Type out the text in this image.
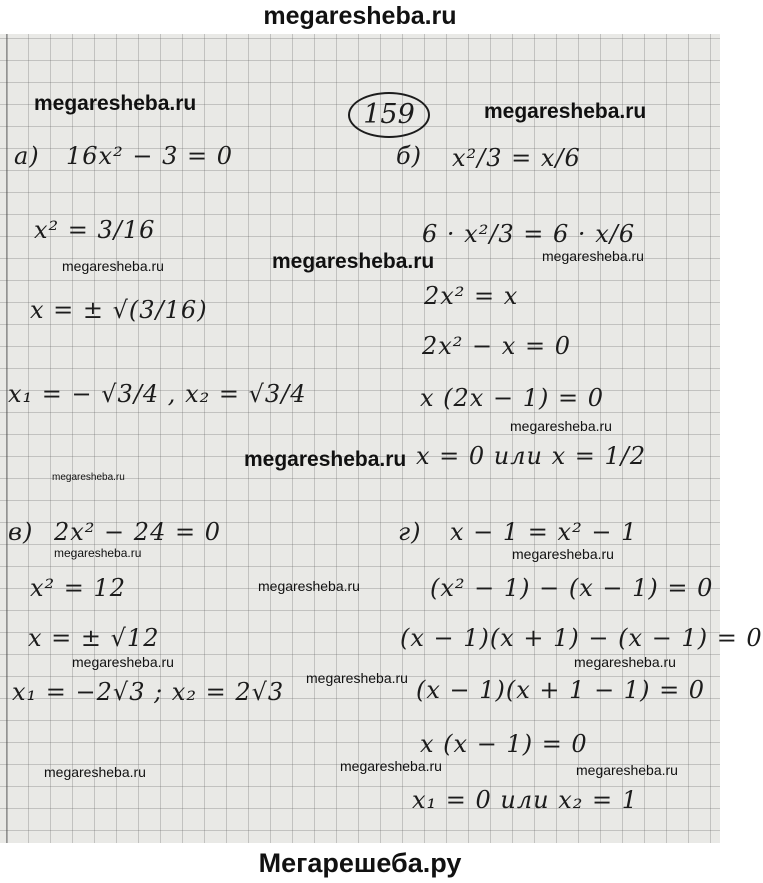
megaresheba.ru
159
а) 16x² − 3 = 0
x² = 3/16
x = ± √(3/16)
x₁ = − √3/4 , x₂ = √3/4
б) x²/3 = x/6
6 · x²/3 = 6 · x/6
2x² = x
2x² − x = 0
x (2x − 1) = 0
x = 0 или x = 1/2
в) 2x² − 24 = 0
x² = 12
x = ± √12
x₁ = −2√3 ; x₂ = 2√3
г) x − 1 = x² − 1
(x² − 1) − (x − 1) = 0
(x − 1)(x + 1) − (x − 1) = 0
(x − 1)(x + 1 − 1) = 0
x (x − 1) = 0
x₁ = 0 или x₂ = 1
megaresheba.ru	megaresheba.ru
megaresheba.ru
megaresheba.ru
megaresheba.ru
megaresheba.ru
megaresheba.ru
megaresheba.ru
megaresheba.ru	megaresheba.ru
megaresheba.ru
megaresheba.ru	megaresheba.ru
megaresheba.ru
megaresheba.ru	megaresheba.ru	megaresheba.ru
Мегарешеба.ру
